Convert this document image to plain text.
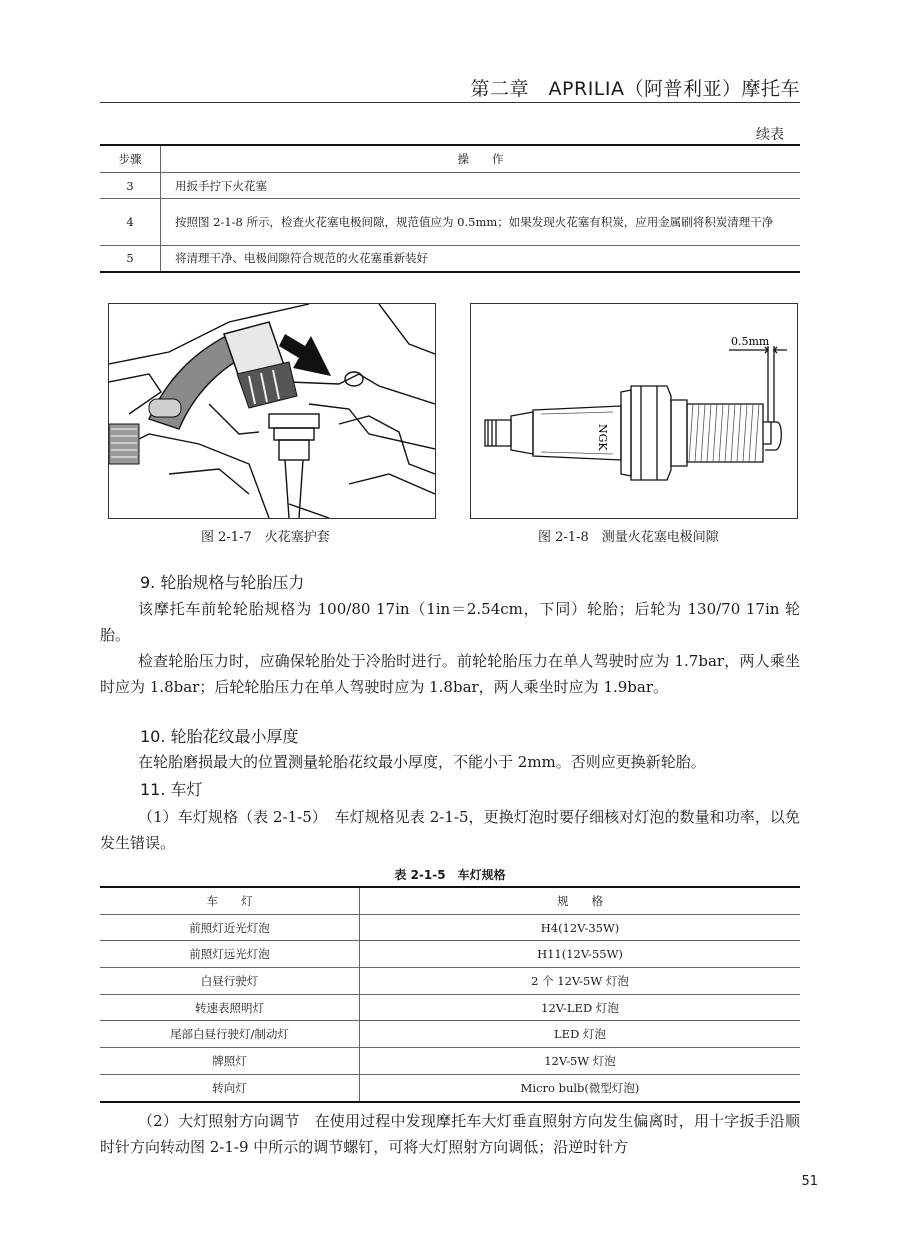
第二章　APRILIA（阿普利亚）摩托车
续表
步骤	操　　作
3	用扳手拧下火花塞
4	按照图 2-1-8 所示，检查火花塞电极间隙，规范值应为 0.5mm；如果发现火花塞有积炭，应用金属刷将积炭清理干净
5	将清理干净、电极间隙符合规范的火花塞重新装好
图 2-1-7　火花塞护套
0.5mm
NGK
图 2-1-8　测量火花塞电极间隙
9. 轮胎规格与轮胎压力
该摩托车前轮轮胎规格为 100/80 17in（1in＝2.54cm，下同）轮胎；后轮为 130/70 17in 轮胎。
检查轮胎压力时，应确保轮胎处于冷胎时进行。前轮轮胎压力在单人驾驶时应为 1.7bar，两人乘坐时应为 1.8bar；后轮轮胎压力在单人驾驶时应为 1.8bar，两人乘坐时应为 1.9bar。
10. 轮胎花纹最小厚度
在轮胎磨损最大的位置测量轮胎花纹最小厚度，不能小于 2mm。否则应更换新轮胎。
11. 车灯
（1）车灯规格（表 2-1-5）　车灯规格见表 2-1-5，更换灯泡时要仔细核对灯泡的数量和功率，以免发生错误。
表 2-1-5　车灯规格
车　　灯	规　　格
前照灯近光灯泡	H4(12V-35W)
前照灯远光灯泡	H11(12V-55W)
白昼行驶灯	2 个 12V-5W 灯泡
转速表照明灯	12V-LED 灯泡
尾部白昼行驶灯/制动灯	LED 灯泡
牌照灯	12V-5W 灯泡
转向灯	Micro bulb(微型灯泡)
（2）大灯照射方向调节　在使用过程中发现摩托车大灯垂直照射方向发生偏离时，用十字扳手沿顺时针方向转动图 2-1-9 中所示的调节螺钉，可将大灯照射方向调低；沿逆时针方
51
